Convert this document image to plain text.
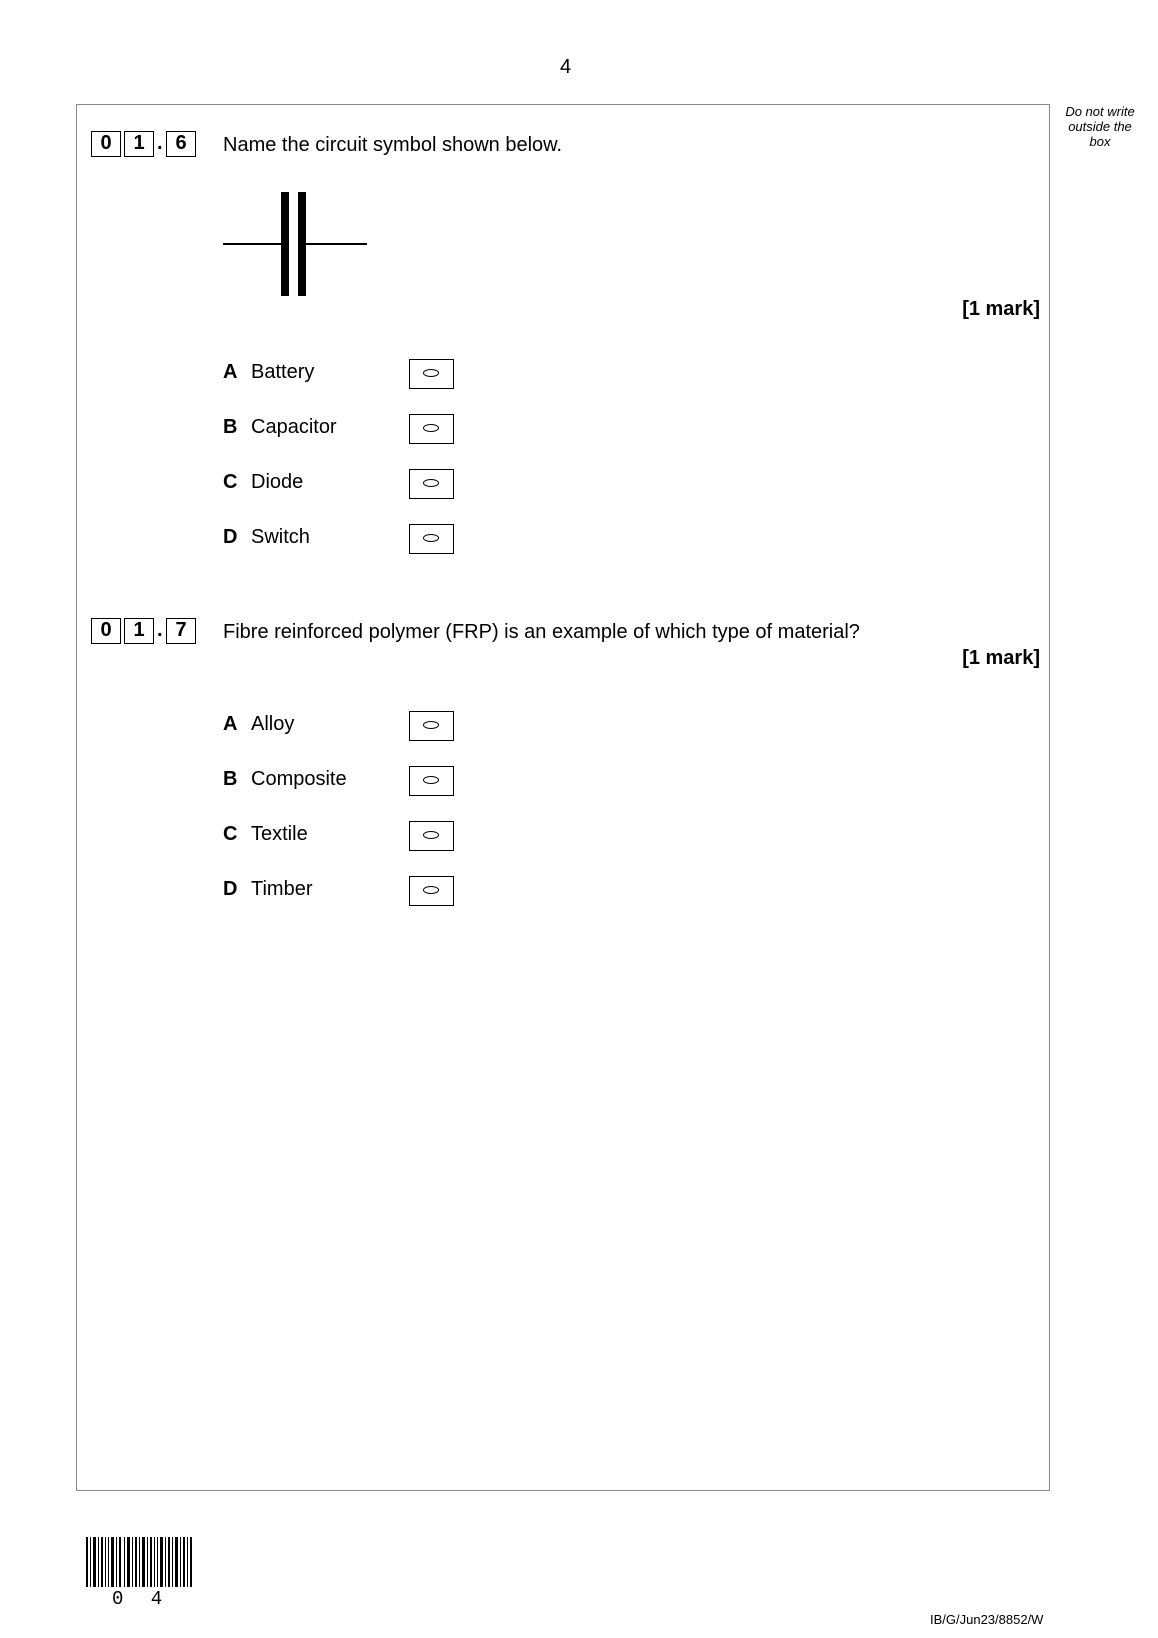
4
Do not write outside the box
0	1 . 6	Name the circuit symbol shown below.
[1 mark]
A Battery
B Capacitor
C Diode
D Switch
0	1 . 7	Fibre reinforced polymer (FRP) is an example of which type of material?
[1 mark]
A Alloy
B Composite
C Textile
D Timber
0 4
IB/G/Jun23/8852/W
